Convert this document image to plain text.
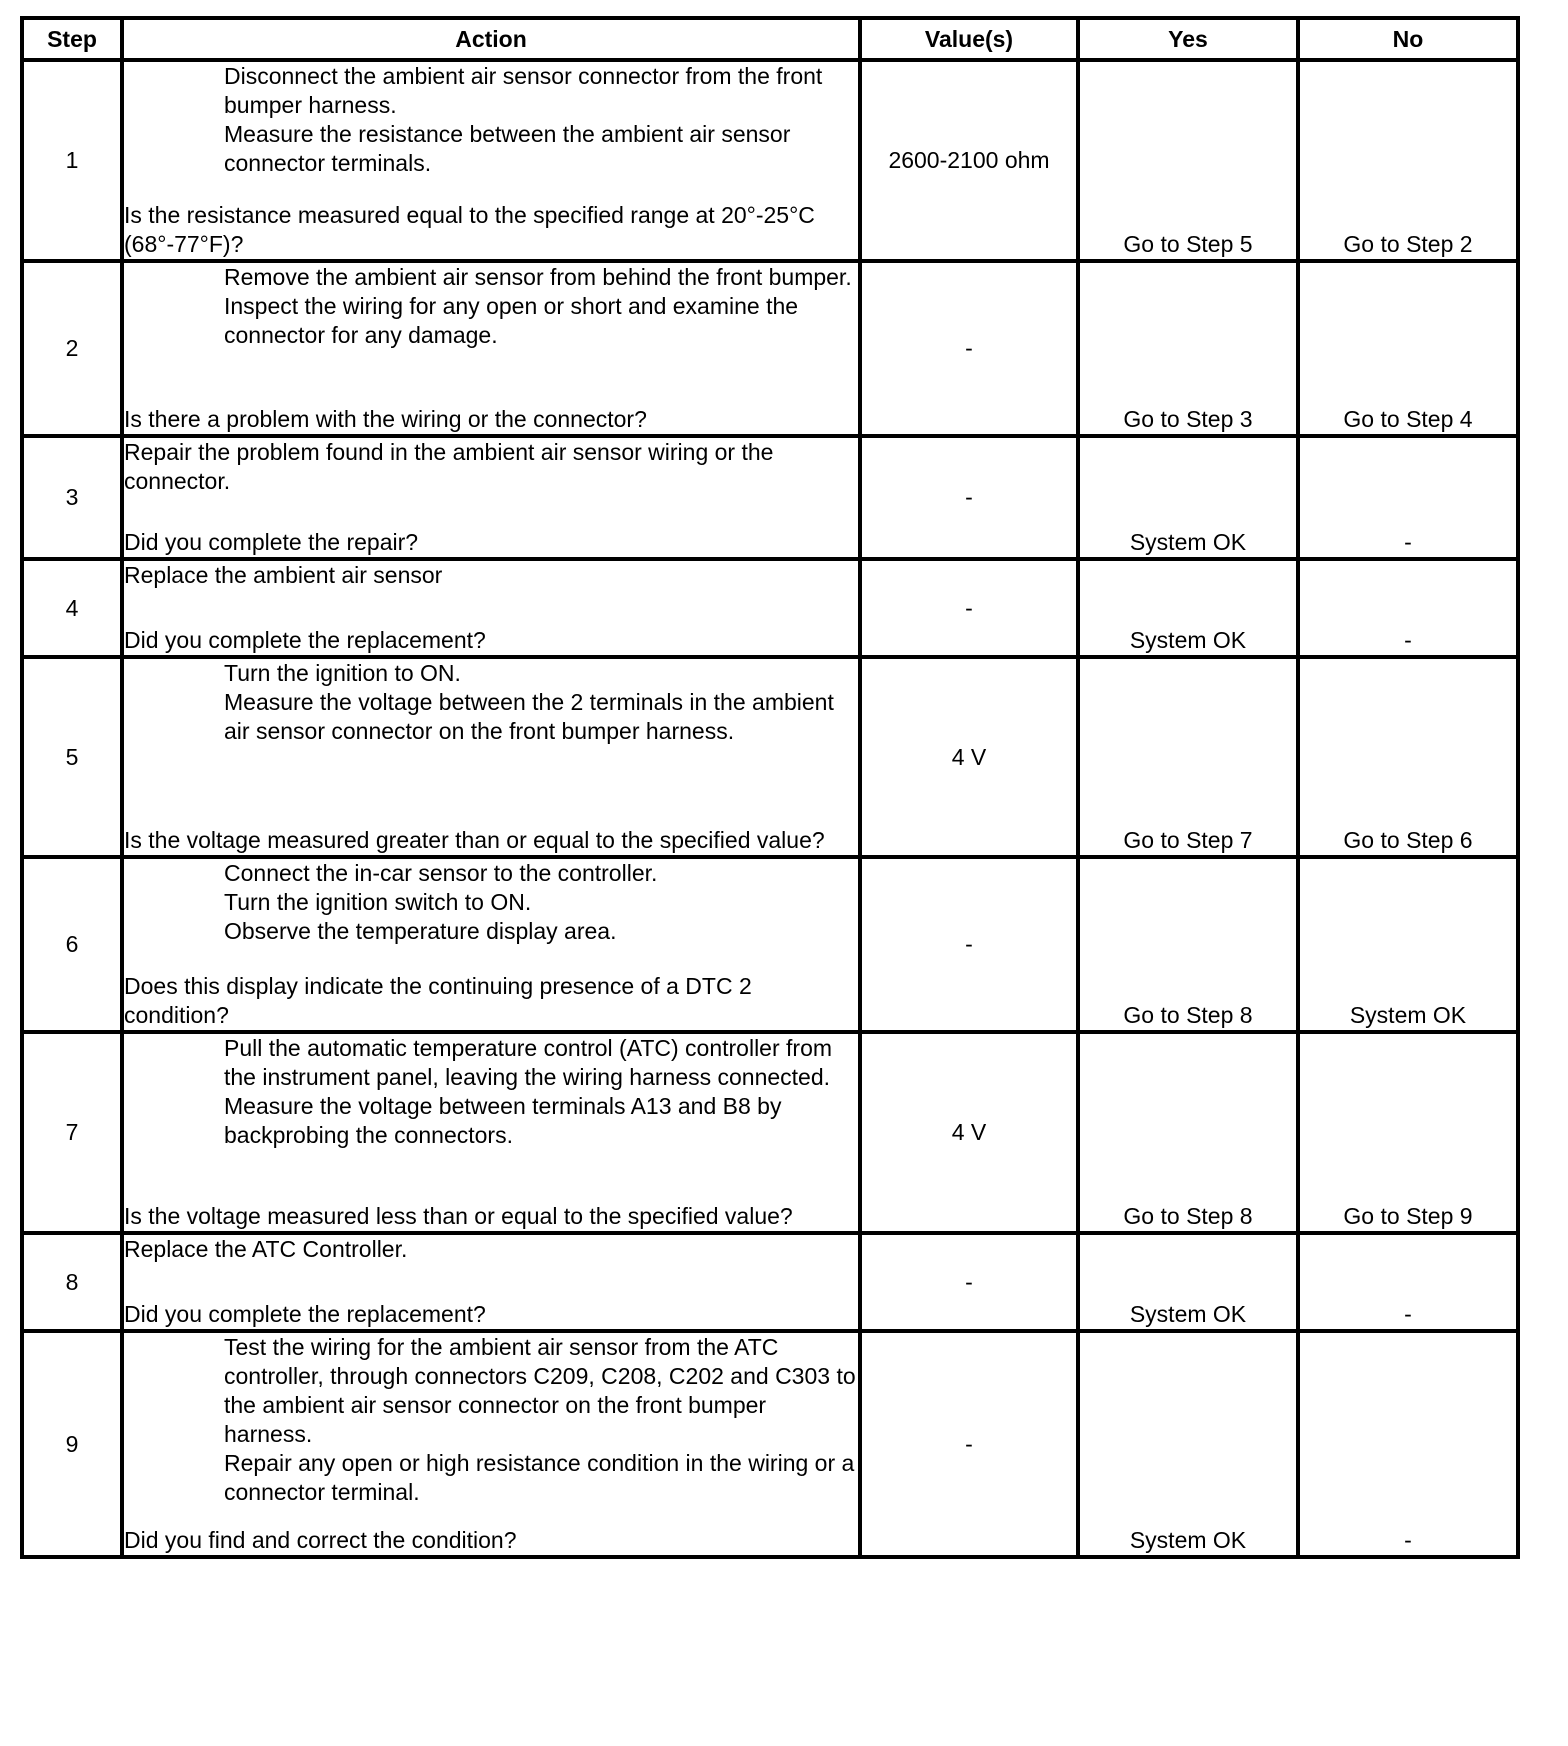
Step	Action	Value(s)	Yes	No
1	Disconnect the ambient air sensor connector from the front bumper harness.
Measure the resistance between the ambient air sensor connector terminals.
Is the resistance measured equal to the specified range at 20°-25°C (68°-77°F)?	2600-2100 ohm	Go to Step 5	Go to Step 2
2	Remove the ambient air sensor from behind the front bumper.
Inspect the wiring for any open or short and examine the connector for any damage.
Is there a problem with the wiring or the connector?	-	Go to Step 3	Go to Step 4
3	Repair the problem found in the ambient air sensor wiring or the connector.
Did you complete the repair?	-	System OK	-
4	Replace the ambient air sensor
Did you complete the replacement?	-	System OK	-
5	Turn the ignition to ON.
Measure the voltage between the 2 terminals in the ambient air sensor connector on the front bumper harness.
Is the voltage measured greater than or equal to the specified value?	4 V	Go to Step 7	Go to Step 6
6	Connect the in-car sensor to the controller.
Turn the ignition switch to ON.
Observe the temperature display area.
Does this display indicate the continuing presence of a DTC 2 condition?	-	Go to Step 8	System OK
7	Pull the automatic temperature control (ATC) controller from the instrument panel, leaving the wiring harness connected.
Measure the voltage between terminals A13 and B8 by backprobing the connectors.
Is the voltage measured less than or equal to the specified value?	4 V	Go to Step 8	Go to Step 9
8	Replace the ATC Controller.
Did you complete the replacement?	-	System OK	-
9	Test the wiring for the ambient air sensor from the ATC controller, through connectors C209, C208, C202 and C303 to the ambient air sensor connector on the front bumper harness.
Repair any open or high resistance condition in the wiring or a connector terminal.
Did you find and correct the condition?	-	System OK	-
